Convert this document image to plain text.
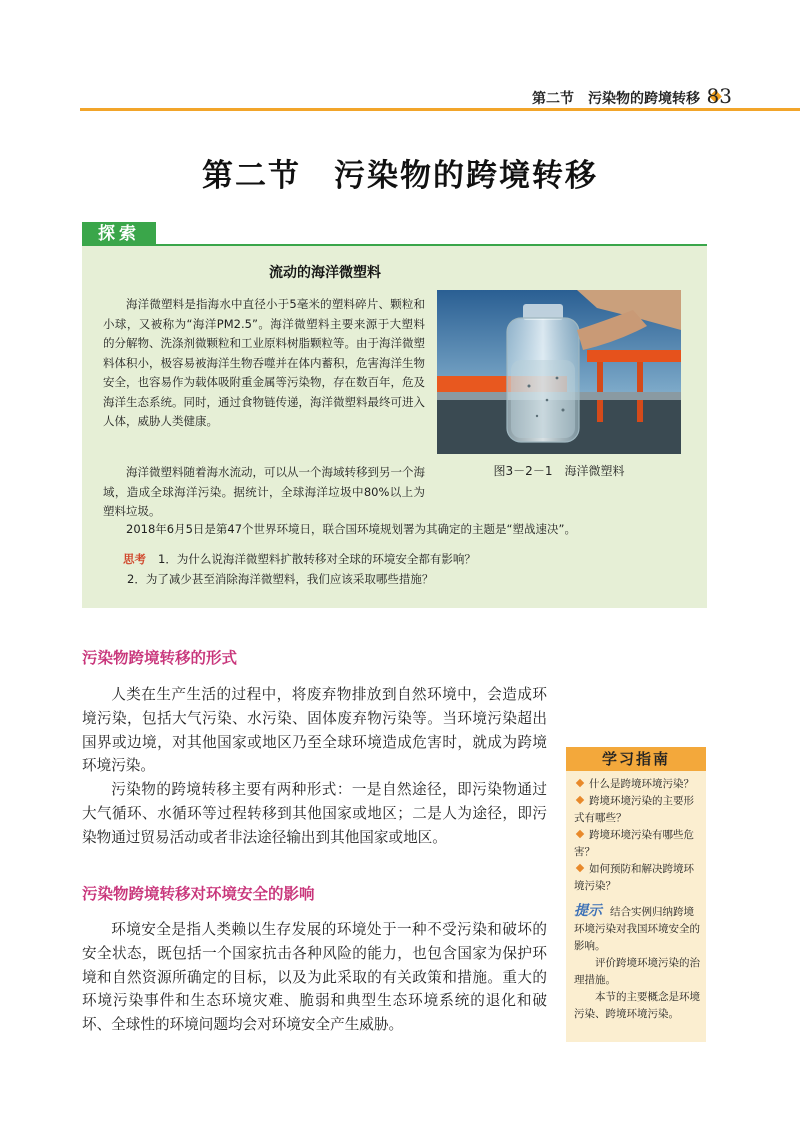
第二节　污染物的跨境转移 83
第二节　污染物的跨境转移
探索
流动的海洋微塑料
海洋微塑料是指海水中直径小于5毫米的塑料碎片、颗粒和小球，又被称为“海洋PM2.5”。海洋微塑料主要来源于大塑料的分解物、洗涤剂微颗粒和工业原料树脂颗粒等。由于海洋微塑料体积小，极容易被海洋生物吞噬并在体内蓄积，危害海洋生物安全，也容易作为载体吸附重金属等污染物，存在数百年，危及海洋生态系统。同时，通过食物链传递，海洋微塑料最终可进入人体，威胁人类健康。
海洋微塑料随着海水流动，可以从一个海域转移到另一个海域，造成全球海洋污染。据统计，全球海洋垃圾中80%以上为塑料垃圾。
2018年6月5日是第47个世界环境日，联合国环境规划署为其确定的主题是“塑战速决”。
思考 1．为什么说海洋微塑料扩散转移对全球的环境安全都有影响？
2．为了减少甚至消除海洋微塑料，我们应该采取哪些措施？
图3－2－1　海洋微塑料
污染物跨境转移的形式

人类在生产生活的过程中，将废弃物排放到自然环境中，会造成环境污染，包括大气污染、水污染、固体废弃物污染等。当环境污染超出国界或边境，对其他国家或地区乃至全球环境造成危害时，就成为跨境环境污染。

污染物的跨境转移主要有两种形式：一是自然途径，即污染物通过大气循环、水循环等过程转移到其他国家或地区；二是人为途径，即污染物通过贸易活动或者非法途径输出到其他国家或地区。

污染物跨境转移对环境安全的影响

环境安全是指人类赖以生存发展的环境处于一种不受污染和破坏的安全状态，既包括一个国家抗击各种风险的能力，也包含国家为保护环境和自然资源所确定的目标，以及为此采取的有关政策和措施。重大的环境污染事件和生态环境灾难、脆弱和典型生态环境系统的退化和破坏、全球性的环境问题均会对环境安全产生威胁。

学习指南
什么是跨境环境污染？
跨境环境污染的主要形式有哪些？
跨境环境污染有哪些危害？
如何预防和解决跨境环境污染？

提示 结合实例归纳跨境环境污染对我国环境安全的影响。

评价跨境环境污染的治理措施。

本节的主要概念是环境污染、跨境环境污染。
